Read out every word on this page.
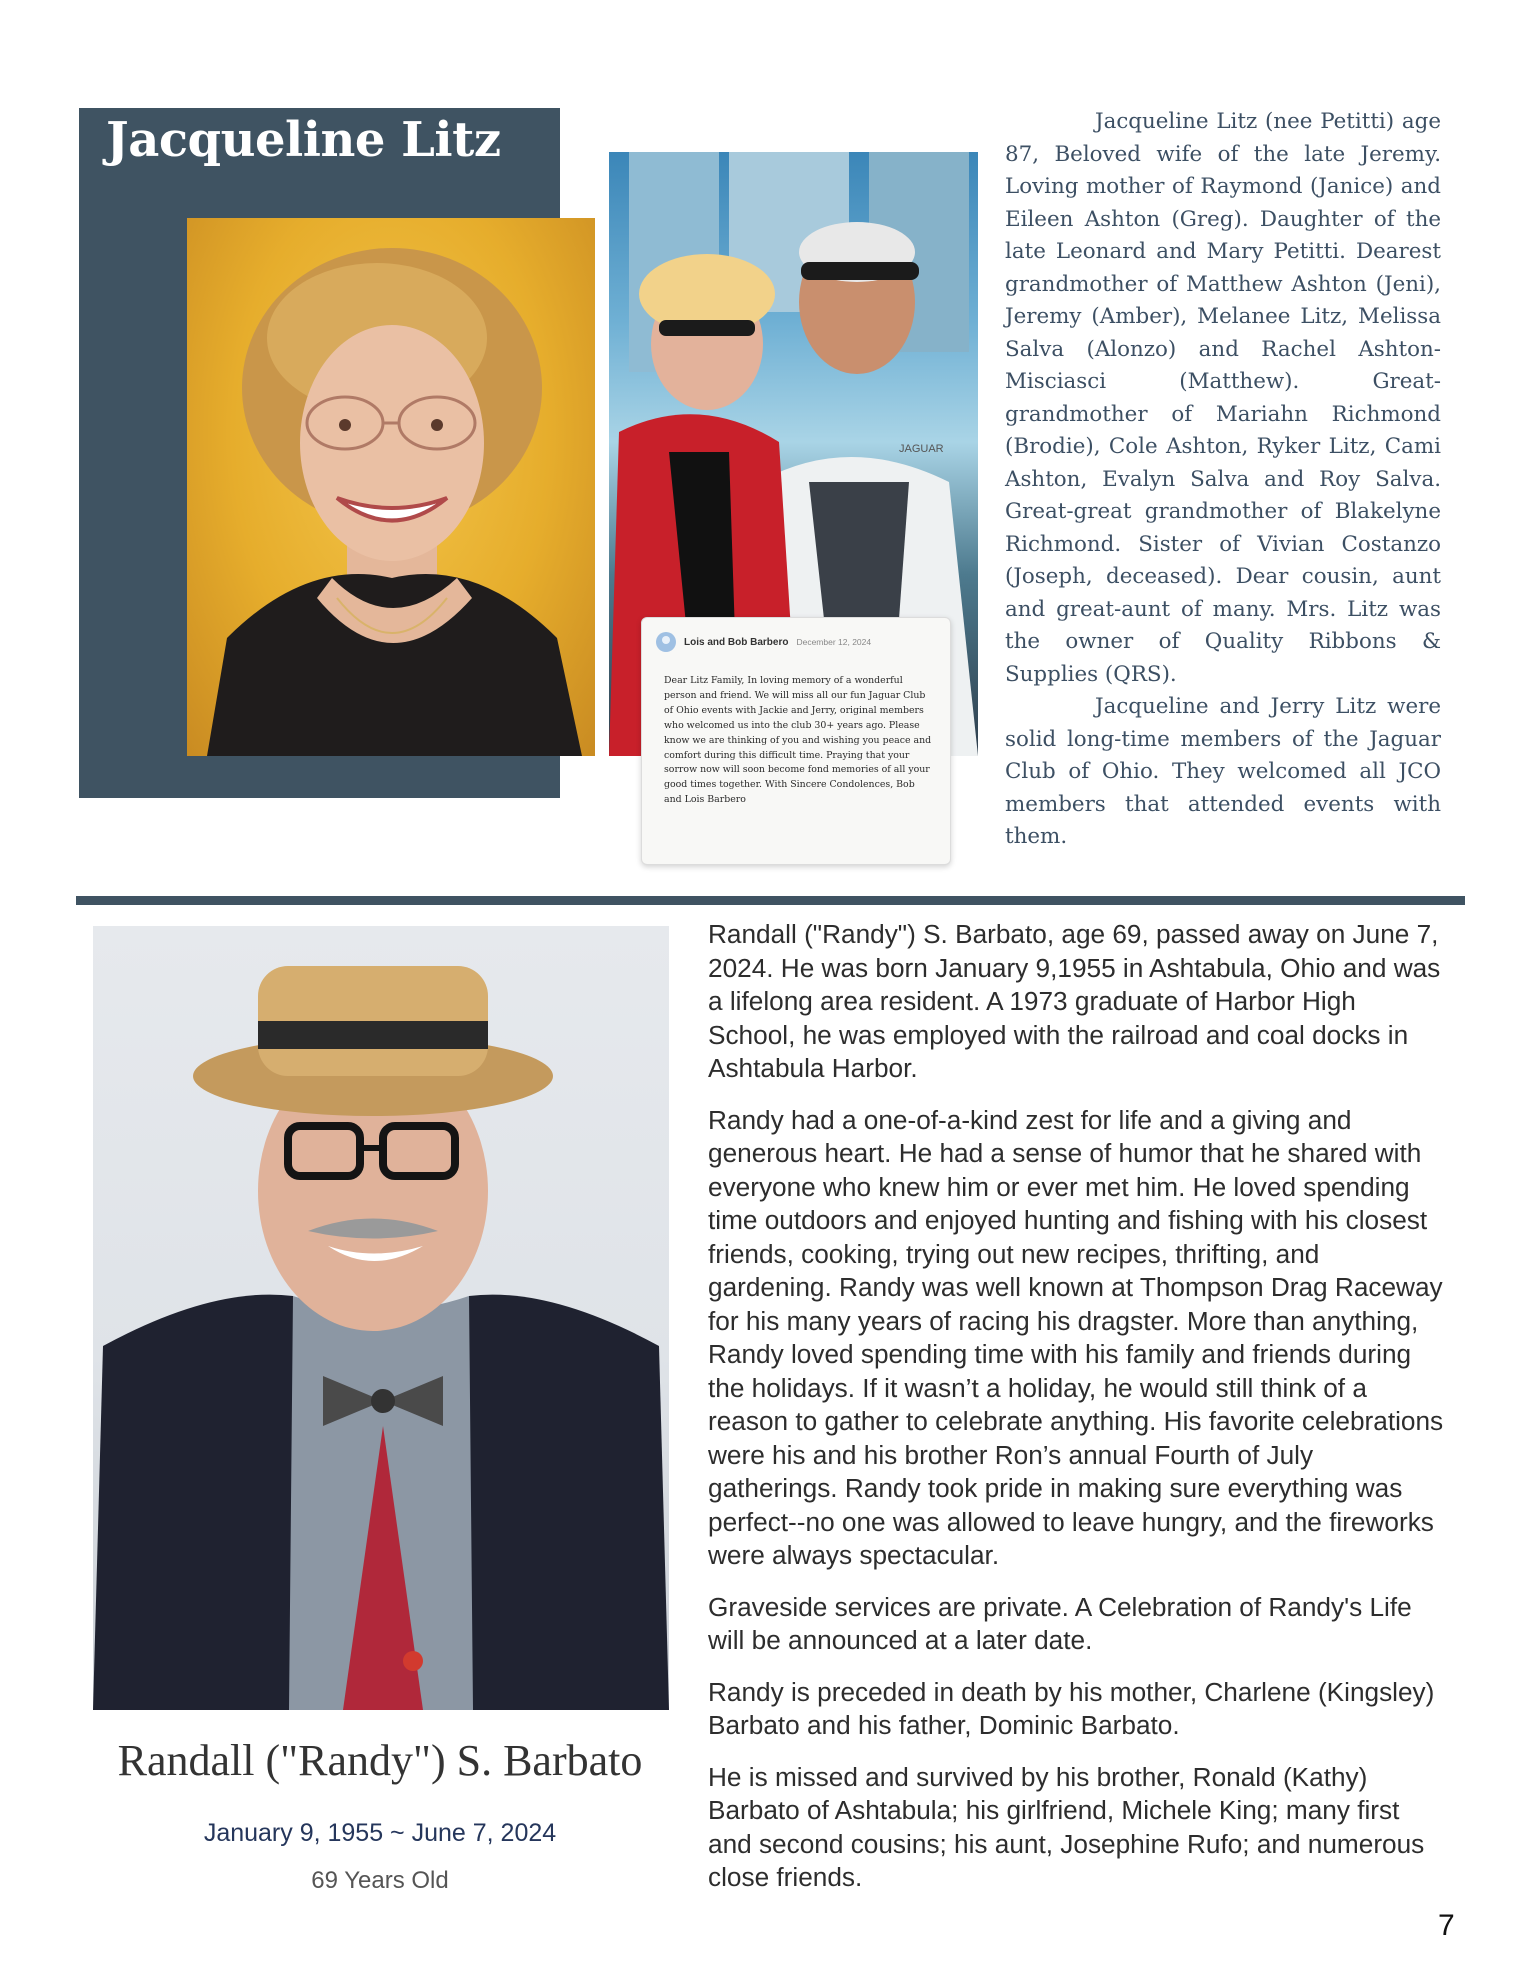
Jacqueline Litz
JAGUAR
Lois and Bob Barbero December 12, 2024
Dear Litz Family, In loving memory of a wonderful person and friend. We will miss all our fun Jaguar Club of Ohio events with Jackie and Jerry, original members who welcomed us into the club 30+ years ago. Please know we are thinking of you and wishing you peace and comfort during this difficult time. Praying that your sorrow now will soon become fond memories of all your good times together. With Sincere Condolences, Bob and Lois Barbero

Jacqueline Litz (nee Petitti) age 87, Beloved wife of the late Jeremy. Loving mother of Raymond (Janice) and Eileen Ashton (Greg). Daughter of the late Leonard and Mary Petitti. Dearest grandmother of Matthew Ashton (Jeni), Jeremy (Amber), Melanee Litz, Melissa Salva (Alonzo) and Rachel Ashton-Misciasci (Matthew). Great-grandmother of Mariahn Richmond (Brodie), Cole Ashton, Ryker Litz, Cami Ashton, Evalyn Salva and Roy Salva. Great-great grandmother of Blakelyne Richmond. Sister of Vivian Costanzo (Joseph, deceased). Dear cousin, aunt and great-aunt of many. Mrs. Litz was the owner of Quality Ribbons & Supplies (QRS).

Jacqueline and Jerry Litz were solid long-time members of the Jaguar Club of Ohio. They welcomed all JCO members that attended events with them.

Randall ("Randy") S. Barbato
January 9, 1955 ~ June 7, 2024
69 Years Old

Randall ("Randy") S. Barbato, age 69, passed away on June 7, 2024. He was born January 9,1955 in Ashtabula, Ohio and was a lifelong area resident. A 1973 graduate of Harbor High School, he was employed with the railroad and coal docks in Ashtabula Harbor.

Randy had a one-of-a-kind zest for life and a giving and generous heart. He had a sense of humor that he shared with everyone who knew him or ever met him. He loved spending time outdoors and enjoyed hunting and fishing with his closest friends, cooking, trying out new recipes, thrifting, and gardening. Randy was well known at Thompson Drag Raceway for his many years of racing his dragster. More than anything, Randy loved spending time with his family and friends during the holidays. If it wasn’t a holiday, he would still think of a reason to gather to celebrate anything. His favorite celebrations were his and his brother Ron’s annual Fourth of July gatherings. Randy took pride in making sure everything was perfect--no one was allowed to leave hungry, and the fireworks were always spectacular.

Graveside services are private. A Celebration of Randy's Life will be announced at a later date.

Randy is preceded in death by his mother, Charlene (Kingsley) Barbato and his father, Dominic Barbato.

He is missed and survived by his brother, Ronald (Kathy) Barbato of Ashtabula; his girlfriend, Michele King; many first and second cousins; his aunt, Josephine Rufo; and numerous close friends.

7
